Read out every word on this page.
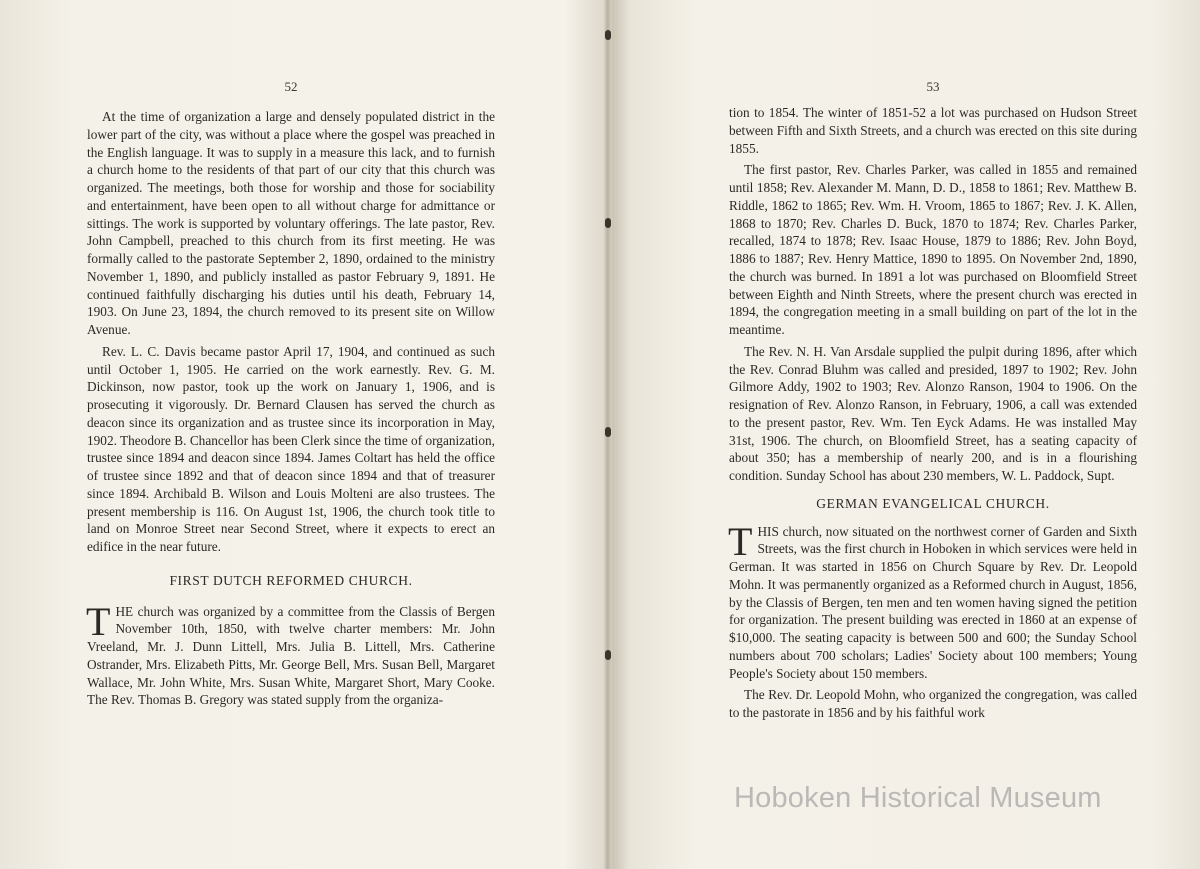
52

At the time of organization a large and densely populated district in the lower part of the city, was without a place where the gospel was preached in the English language. It was to supply in a measure this lack, and to furnish a church home to the residents of that part of our city that this church was organized. The meetings, both those for worship and those for sociability and entertainment, have been open to all without charge for admittance or sittings. The work is supported by voluntary offerings. The late pastor, Rev. John Campbell, preached to this church from its first meeting. He was formally called to the pastorate September 2, 1890, ordained to the ministry November 1, 1890, and publicly installed as pastor February 9, 1891. He continued faithfully discharging his duties until his death, February 14, 1903. On June 23, 1894, the church removed to its present site on Willow Avenue.

Rev. L. C. Davis became pastor April 17, 1904, and continued as such until October 1, 1905. He carried on the work earnestly. Rev. G. M. Dickinson, now pastor, took up the work on January 1, 1906, and is prosecuting it vigorously. Dr. Bernard Clausen has served the church as deacon since its organization and as trustee since its incorporation in May, 1902. Theodore B. Chancellor has been Clerk since the time of organization, trustee since 1894 and deacon since 1894. James Coltart has held the office of trustee since 1892 and that of deacon since 1894 and that of treasurer since 1894. Archibald B. Wilson and Louis Molteni are also trustees. The present membership is 116. On August 1st, 1906, the church took title to land on Monroe Street near Second Street, where it expects to erect an edifice in the near future.

FIRST DUTCH REFORMED CHURCH.

THE church was organized by a committee from the Classis of Bergen November 10th, 1850, with twelve charter members: Mr. John Vreeland, Mr. J. Dunn Littell, Mrs. Julia B. Littell, Mrs. Catherine Ostrander, Mrs. Elizabeth Pitts, Mr. George Bell, Mrs. Susan Bell, Margaret Wallace, Mr. John White, Mrs. Susan White, Margaret Short, Mary Cooke. The Rev. Thomas B. Gregory was stated supply from the organiza-

53

tion to 1854. The winter of 1851-52 a lot was purchased on Hudson Street between Fifth and Sixth Streets, and a church was erected on this site during 1855.

The first pastor, Rev. Charles Parker, was called in 1855 and remained until 1858; Rev. Alexander M. Mann, D. D., 1858 to 1861; Rev. Matthew B. Riddle, 1862 to 1865; Rev. Wm. H. Vroom, 1865 to 1867; Rev. J. K. Allen, 1868 to 1870; Rev. Charles D. Buck, 1870 to 1874; Rev. Charles Parker, recalled, 1874 to 1878; Rev. Isaac House, 1879 to 1886; Rev. John Boyd, 1886 to 1887; Rev. Henry Mattice, 1890 to 1895. On November 2nd, 1890, the church was burned. In 1891 a lot was purchased on Bloomfield Street between Eighth and Ninth Streets, where the present church was erected in 1894, the congregation meeting in a small building on part of the lot in the meantime.

The Rev. N. H. Van Arsdale supplied the pulpit during 1896, after which the Rev. Conrad Bluhm was called and presided, 1897 to 1902; Rev. John Gilmore Addy, 1902 to 1903; Rev. Alonzo Ranson, 1904 to 1906. On the resignation of Rev. Alonzo Ranson, in February, 1906, a call was extended to the present pastor, Rev. Wm. Ten Eyck Adams. He was installed May 31st, 1906. The church, on Bloomfield Street, has a seating capacity of about 350; has a membership of nearly 200, and is in a flourishing condition. Sunday School has about 230 members, W. L. Paddock, Supt.

GERMAN EVANGELICAL CHURCH.

THIS church, now situated on the northwest corner of Garden and Sixth Streets, was the first church in Hoboken in which services were held in German. It was started in 1856 on Church Square by Rev. Dr. Leopold Mohn. It was permanently organized as a Reformed church in August, 1856, by the Classis of Bergen, ten men and ten women having signed the petition for organization. The present building was erected in 1860 at an expense of $10,000. The seating capacity is between 500 and 600; the Sunday School numbers about 700 scholars; Ladies' Society about 100 members; Young People's Society about 150 members.

The Rev. Dr. Leopold Mohn, who organized the congregation, was called to the pastorate in 1856 and by his faithful work

Hoboken Historical Museum
